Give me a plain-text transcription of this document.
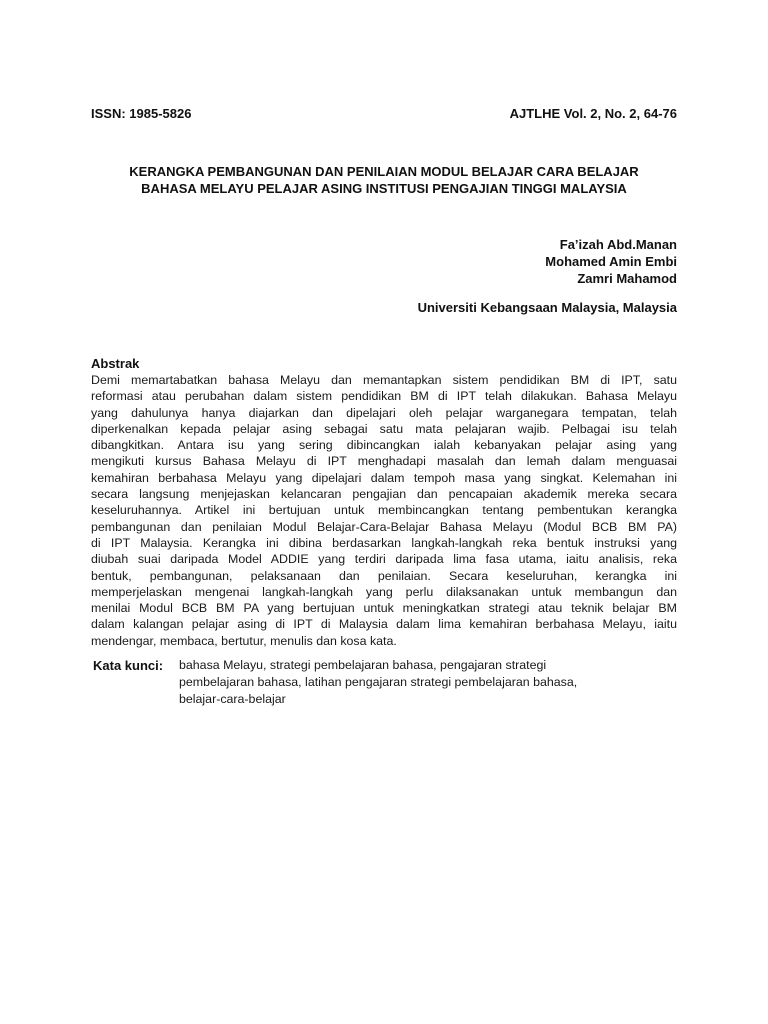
ISSN: 1985-5826	AJTLHE Vol. 2, No. 2, 64-76
KERANGKA PEMBANGUNAN DAN PENILAIAN MODUL BELAJAR CARA BELAJAR
BAHASA MELAYU PELAJAR ASING INSTITUSI PENGAJIAN TINGGI MALAYSIA
Fa’izah Abd.Manan
Mohamed Amin Embi
Zamri Mahamod
Universiti Kebangsaan Malaysia, Malaysia
Abstrak
Demi memartabatkan bahasa Melayu dan memantapkan sistem pendidikan BM di IPT, satu
reformasi atau perubahan dalam sistem pendidikan BM di IPT telah dilakukan. Bahasa Melayu
yang dahulunya hanya diajarkan dan dipelajari oleh pelajar warganegara tempatan, telah
diperkenalkan kepada pelajar asing sebagai satu mata pelajaran wajib. Pelbagai isu telah
dibangkitkan. Antara isu yang sering dibincangkan ialah kebanyakan pelajar asing yang
mengikuti kursus Bahasa Melayu di IPT menghadapi masalah dan lemah dalam menguasai
kemahiran berbahasa Melayu yang dipelajari dalam tempoh masa yang singkat. Kelemahan ini
secara langsung menjejaskan kelancaran pengajian dan pencapaian akademik mereka secara
keseluruhannya. Artikel ini bertujuan untuk membincangkan tentang pembentukan kerangka
pembangunan dan penilaian Modul Belajar-Cara-Belajar Bahasa Melayu (Modul BCB BM PA)
di IPT Malaysia. Kerangka ini dibina berdasarkan langkah-langkah reka bentuk instruksi yang
diubah suai daripada Model ADDIE yang terdiri daripada lima fasa utama, iaitu analisis, reka
bentuk, pembangunan, pelaksanaan dan penilaian. Secara keseluruhan, kerangka ini
memperjelaskan mengenai langkah-langkah yang perlu dilaksanakan untuk membangun dan
menilai Modul BCB BM PA yang bertujuan untuk meningkatkan strategi atau teknik belajar BM
dalam kalangan pelajar asing di IPT di Malaysia dalam lima kemahiran berbahasa Melayu, iaitu
mendengar, membaca, bertutur, menulis dan kosa kata.
Kata kunci: bahasa Melayu, strategi pembelajaran bahasa, pengajaran strategi
pembelajaran bahasa, latihan pengajaran strategi pembelajaran bahasa,
belajar-cara-belajar
